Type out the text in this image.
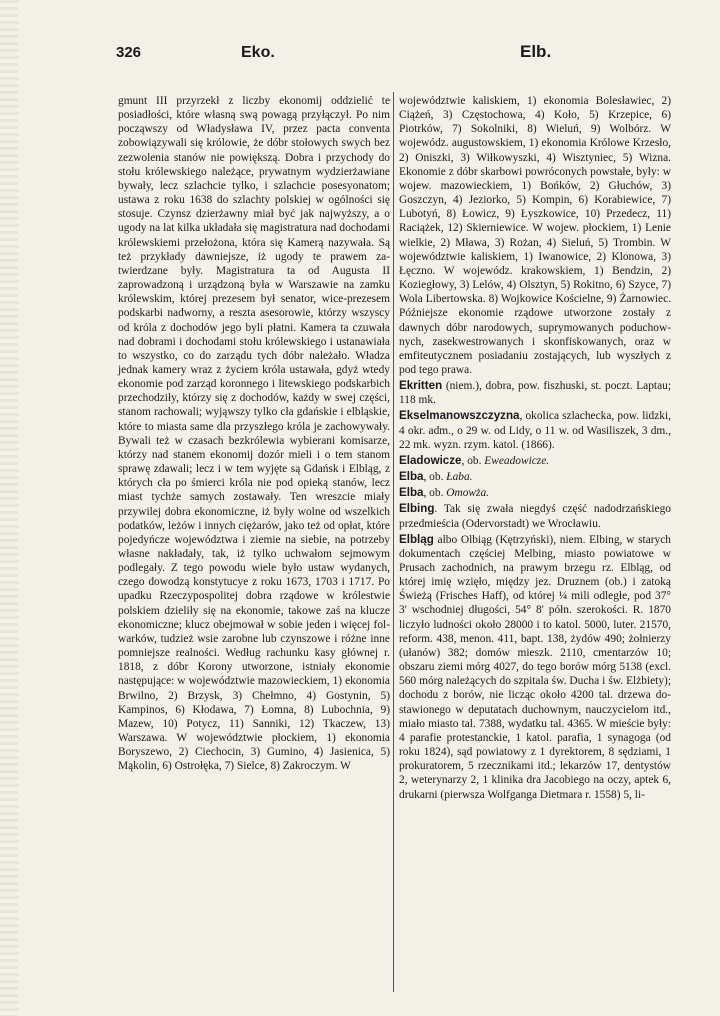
326	Eko.	Elb.

gmunt III przyrzekł z liczby ekonomij oddzielić te posiadłości, które własną swą powagą przyłączył. Po nim począwszy od Władysława IV, przez pacta conventa zobowiązywali się królowie, że dóbr stołowych swych bez zezwolenia stanów nie powiększą. Dobra i przychody do stołu królewskiego należące, prywatnym wydzierżawiane bywały, lecz szlachcie tylko, i szlachcie posesyonatom; ustawa z roku 1638 do szlachty polskiej w ogólności się stosuje. Czynsz dzierżawny miał być jak najwyższy, a o ugody na lat kilka układała się magistratura nad dochodami królewskiemi przełożona, która się Kamerą nazywała. Są też przykłady dawniejsze, iż ugody te prawem zatwierdzane były. Magistratura ta od Augusta II zaprowadzoną i urządzoną była w Warszawie na zamku królewskim, której prezesem był senator, wice-prezesem podskarbi nadworny, a reszta asesorowie, którzy wszyscy od króla z dochodów jego byli płatni. Kamera ta czuwała nad dobrami i dochodami stołu królewskiego i ustanawiała to wszystko, co do zarządu tych dóbr należało. Władza jednak kamery wraz z życiem króla ustawała, gdyż wtedy ekonomie pod zarząd koronnego i litewskiego podskarbich przechodziły, którzy się z dochodów, każdy w swej części, stanom rachowali; wyjąwszy tylko cła gdańskie i elbląskie, które to miasta same dla przyszłego króla je zachowywały. Bywali też w czasach bezkrólewia wybierani komisarze, którzy nad stanem ekonomij dozór mieli i o tem stanom sprawę zdawali; lecz i w tem wyjęte są Gdańsk i Elbląg, z których cła po śmierci króla nie pod opieką stanów, lecz miast tychże samych zostawały. Ten wreszcie miały przywilej dobra ekonomiczne, iż były wolne od wszelkich podatków, leżów i innych ciężarów, jako też od opłat, które pojedyńcze województwa i ziemie na siebie, na potrzeby własne nakładały, tak, iż tylko uchwałom sejmowym podlegały. Z tego powodu wiele było ustaw wydanych, czego dowodzą konstytucye z roku 1673, 1703 i 1717. Po upadku Rzeczypospolitej dobra rządowe w królestwie polskiem dzieliły się na ekonomie, takowe zaś na klucze ekonomiczne; klucz obejmował w sobie jeden i więcej folwarków, tudzież wsie zarobne lub czynszowe i różne inne pomniejsze realności. Według rachunku kasy głównej r. 1818, z dóbr Korony utworzone, istniały ekonomie następujące: w województwie mazowieckiem, 1) ekonomia Brwilno, 2) Brzysk, 3) Chełmno, 4) Gostynin, 5) Kampinos, 6) Kłodawa, 7) Łomna, 8) Lubochnia, 9) Mazew, 10) Potycz, 11) Sanniki, 12) Tkaczew, 13) Warszawa. W województwie płockiem, 1) ekonomia Boryszewo, 2) Ciechocin, 3) Gumino, 4) Jasienica, 5) Mąkolin, 6) Ostrołęka, 7) Sielce, 8) Zakroczym. W

województwie kaliskiem, 1) ekonomia Bolesławiec, 2) Ciążeń, 3) Częstochowa, 4) Koło, 5) Krzepice, 6) Piotrków, 7) Sokolniki, 8) Wieluń, 9) Wolbórz. W wojewódz. augustowskiem, 1) ekonomia Królowe Krzesło, 2) Oniszki, 3) Wiłkowyszki, 4) Wisztyniec, 5) Wizna. Ekonomie z dóbr skarbowi powróconych powstałe, były: w wojew. mazowieckiem, 1) Bońków, 2) Głuchów, 3) Goszczyn, 4) Jeziorko, 5) Kompin, 6) Korabiewice, 7) Lubotyń, 8) Łowicz, 9) Łyszkowice, 10) Przedecz, 11) Raciążek, 12) Skierniewice. W wojew. płockiem, 1) Lenie wielkie, 2) Mława, 3) Rożan, 4) Sieluń, 5) Trombin. W województwie kaliskiem, 1) Iwanowice, 2) Klonowa, 3) Łęczno. W wojewódz. krakowskiem, 1) Bendzin, 2) Koziegłowy, 3) Lelów, 4) Olsztyn, 5) Rokitno, 6) Szyce, 7) Wola Libertowska. 8) Wojkowice Kościelne, 9) Żarnowiec. Późniejsze ekonomie rządowe utworzone zostały z dawnych dóbr narodowych, suprymowanych poduchownych, zasekwestrowanych i skonfiskowanych, oraz w emfiteutycznem posiadaniu zostających, lub wyszłych z pod tego prawa.

Ekritten (niem.), dobra, pow. fiszhuski, st. poczt. Laptau; 118 mk.

Ekselmanowszczyzna, okolica szlachecka, pow. lidzki, 4 okr. adm., o 29 w. od Lidy, o 11 w. od Wasiliszek, 3 dm., 22 mk. wyzn. rzym. katol. (1866).

Eladowicze, ob. Eweadowicze.

Elba, ob. Łaba.

Elba, ob. Omowża.

Elbing. Tak się zwała niegdyś część nadodrzańskiego przedmieścia (Odervorstadt) we Wrocławiu.

Elbląg albo Olbiąg (Kętrzyński), niem. Elbing, w starych dokumentach częściej Melbing, miasto powiatowe w Prusach zachodnich, na prawym brzegu rz. Elbląg, od której imię wzięło, między jez. Druznem (ob.) i zatoką Świeżą (Frisches Haff), od której ¼ mili odległe, pod 37° 3' wschodniej długości, 54° 8' półn. szerokości. R. 1870 liczyło ludności około 28000 i to katol. 5000, luter. 21570, reform. 438, menon. 411, bapt. 138, żydów 490; żołnierzy (ułanów) 382; domów mieszk. 2110, cmentarzów 10; obszaru ziemi mórg 4027, do tego borów mórg 5138 (excl. 560 mórg należących do szpitala św. Ducha i św. Elżbiety); dochodu z borów, nie licząc około 4200 tal. drzewa dostawionego w deputatach duchownym, nauczycielom itd., miało miasto tal. 7388, wydatku tal. 4365. W mieście były: 4 parafie protestanckie, 1 katol. parafia, 1 synagoga (od roku 1824), sąd powiatowy z 1 dyrektorem, 8 sędziami, 1 prokuratorem, 5 rzecznikami itd.; lekarzów 17, dentystów 2, weterynarzy 2, 1 klinika dra Jacobiego na oczy, aptek 6, drukarni (pierwsza Wolfganga Dietmara r. 1558) 5, li-
